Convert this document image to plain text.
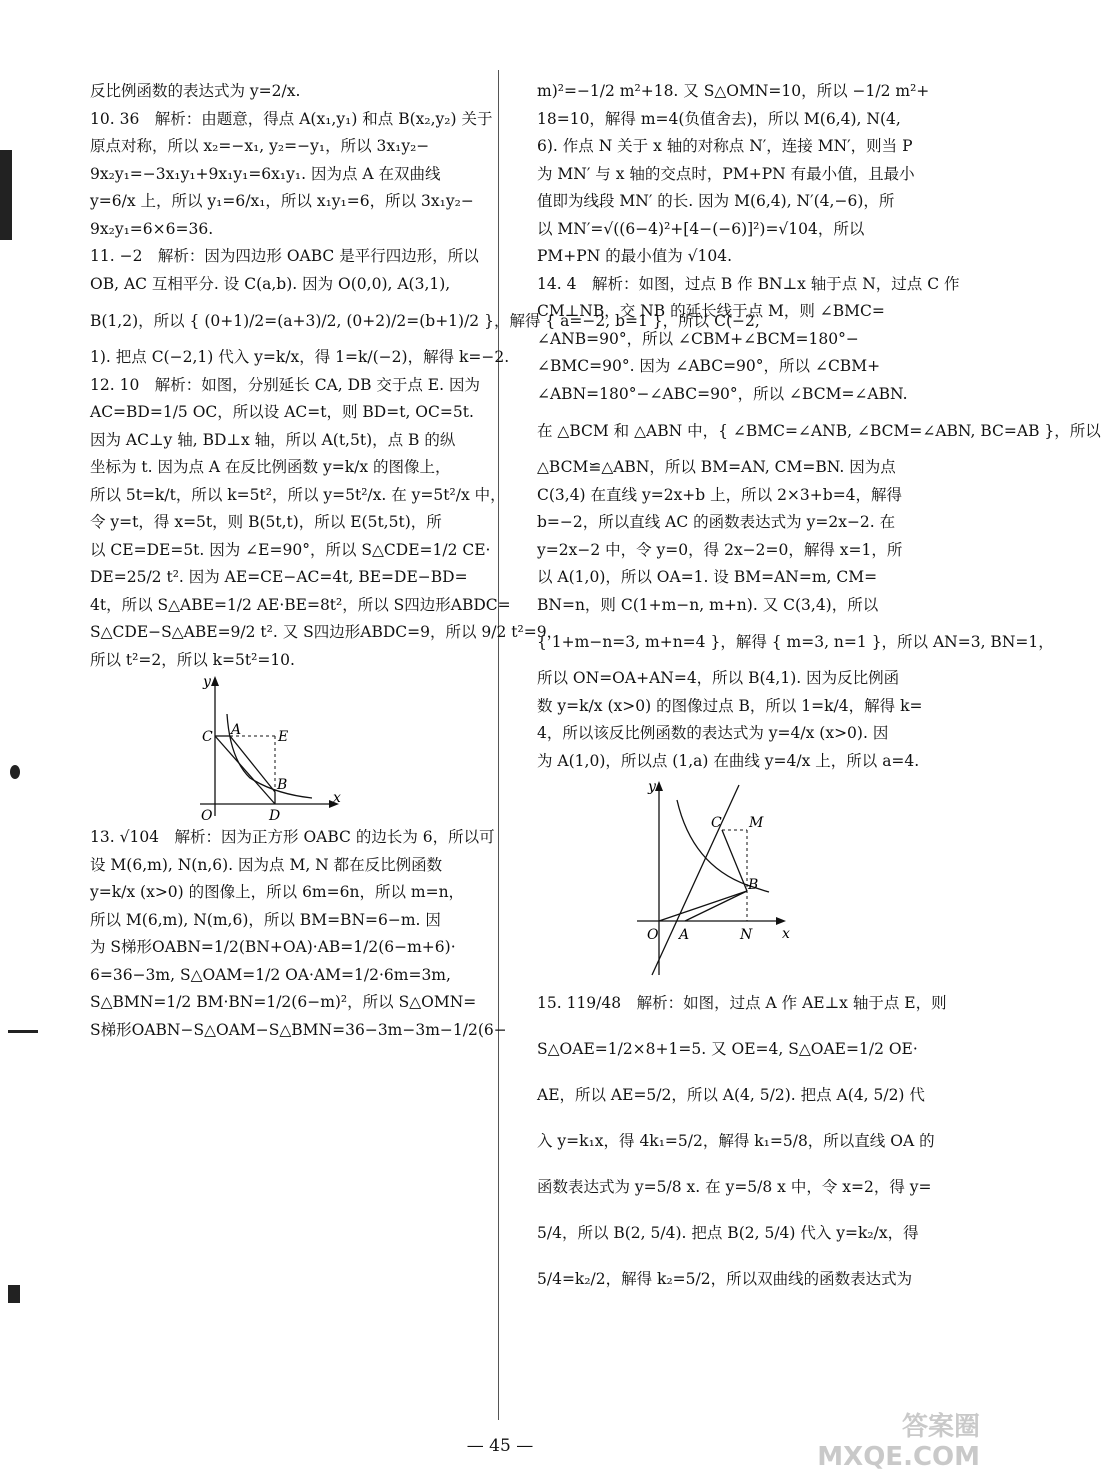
反比例函数的表达式为 y=2/x.
10. 36　解析：由题意，得点 A(x₁,y₁) 和点 B(x₂,y₂) 关于
原点对称，所以 x₂=−x₁, y₂=−y₁，所以 3x₁y₂−
9x₂y₁=−3x₁y₁+9x₁y₁=6x₁y₁. 因为点 A 在双曲线
y=6/x 上，所以 y₁=6/x₁，所以 x₁y₁=6，所以 3x₁y₂−
9x₂y₁=6×6=36.
11. −2　解析：因为四边形 OABC 是平行四边形，所以
OB, AC 互相平分. 设 C(a,b). 因为 O(0,0), A(3,1),
B(1,2)，所以 { (0+1)/2=(a+3)/2, (0+2)/2=(b+1)/2 }，解得 { a=−2, b=1 }，所以 C(−2,
1). 把点 C(−2,1) 代入 y=k/x，得 1=k/(−2)，解得 k=−2.
12. 10　解析：如图，分别延长 CA, DB 交于点 E. 因为
AC=BD=1/5 OC，所以设 AC=t，则 BD=t, OC=5t.
因为 AC⊥y 轴, BD⊥x 轴，所以 A(t,5t)，点 B 的纵
坐标为 t. 因为点 A 在反比例函数 y=k/x 的图像上，
所以 5t=k/t，所以 k=5t²，所以 y=5t²/x. 在 y=5t²/x 中，
令 y=t，得 x=5t，则 B(5t,t)，所以 E(5t,5t)，所
以 CE=DE=5t. 因为 ∠E=90°，所以 S△CDE=1/2 CE·
DE=25/2 t². 因为 AE=CE−AC=4t, BE=DE−BD=
4t，所以 S△ABE=1/2 AE·BE=8t²，所以 S四边形ABDC=
S△CDE−S△ABE=9/2 t². 又 S四边形ABDC=9，所以 9/2 t²=9，
所以 t²=2，所以 k=5t²=10.
y
x
O
C A	E
B
D
13. √104　解析：因为正方形 OABC 的边长为 6，所以可
设 M(6,m), N(n,6). 因为点 M, N 都在反比例函数
y=k/x (x>0) 的图像上，所以 6m=6n，所以 m=n，
所以 M(6,m), N(m,6)，所以 BM=BN=6−m. 因
为 S梯形OABN=1/2(BN+OA)·AB=1/2(6−m+6)·
6=36−3m, S△OAM=1/2 OA·AM=1/2·6m=3m,
S△BMN=1/2 BM·BN=1/2(6−m)²，所以 S△OMN=
S梯形OABN−S△OAM−S△BMN=36−3m−3m−1/2(6−
m)²=−1/2 m²+18. 又 S△OMN=10，所以 −1/2 m²+
18=10，解得 m=4(负值舍去)，所以 M(6,4), N(4,
6). 作点 N 关于 x 轴的对称点 N′，连接 MN′，则当 P
为 MN′ 与 x 轴的交点时，PM+PN 有最小值，且最小
值即为线段 MN′ 的长. 因为 M(6,4), N′(4,−6)，所
以 MN′=√((6−4)²+[4−(−6)]²)=√104，所以
PM+PN 的最小值为 √104.
14. 4　解析：如图，过点 B 作 BN⊥x 轴于点 N，过点 C 作
CM⊥NB，交 NB 的延长线于点 M，则 ∠BMC=
∠ANB=90°，所以 ∠CBM+∠BCM=180°−
∠BMC=90°. 因为 ∠ABC=90°，所以 ∠CBM+
∠ABN=180°−∠ABC=90°，所以 ∠BCM=∠ABN.
在 △BCM 和 △ABN 中，{ ∠BMC=∠ANB, ∠BCM=∠ABN, BC=AB }，所以
△BCM≌△ABN，所以 BM=AN, CM=BN. 因为点
C(3,4) 在直线 y=2x+b 上，所以 2×3+b=4，解得
b=−2，所以直线 AC 的函数表达式为 y=2x−2. 在
y=2x−2 中，令 y=0，得 2x−2=0，解得 x=1，所
以 A(1,0)，所以 OA=1. 设 BM=AN=m, CM=
BN=n，则 C(1+m−n, m+n). 又 C(3,4)，所以
{ 1+m−n=3, m+n=4 }，解得 { m=3, n=1 }，所以 AN=3, BN=1，
所以 ON=OA+AN=4，所以 B(4,1). 因为反比例函
数 y=k/x (x>0) 的图像过点 B，所以 1=k/4，解得 k=
4，所以该反比例函数的表达式为 y=4/x (x>0). 因
为 A(1,0)，所以点 (1,a) 在曲线 y=4/x 上，所以 a=4.
y
x
O A	N
C M
B
15. 119/48　解析：如图，过点 A 作 AE⊥x 轴于点 E，则
S△OAE=1/2×8+1=5. 又 OE=4, S△OAE=1/2 OE·
AE，所以 AE=5/2，所以 A(4, 5/2). 把点 A(4, 5/2) 代
入 y=k₁x，得 4k₁=5/2，解得 k₁=5/8，所以直线 OA 的
函数表达式为 y=5/8 x. 在 y=5/8 x 中，令 x=2，得 y=
5/4，所以 B(2, 5/4). 把点 B(2, 5/4) 代入 y=k₂/x，得
5/4=k₂/2，解得 k₂=5/2，所以双曲线的函数表达式为
— 45 —
答案圈 MXQE.COM
